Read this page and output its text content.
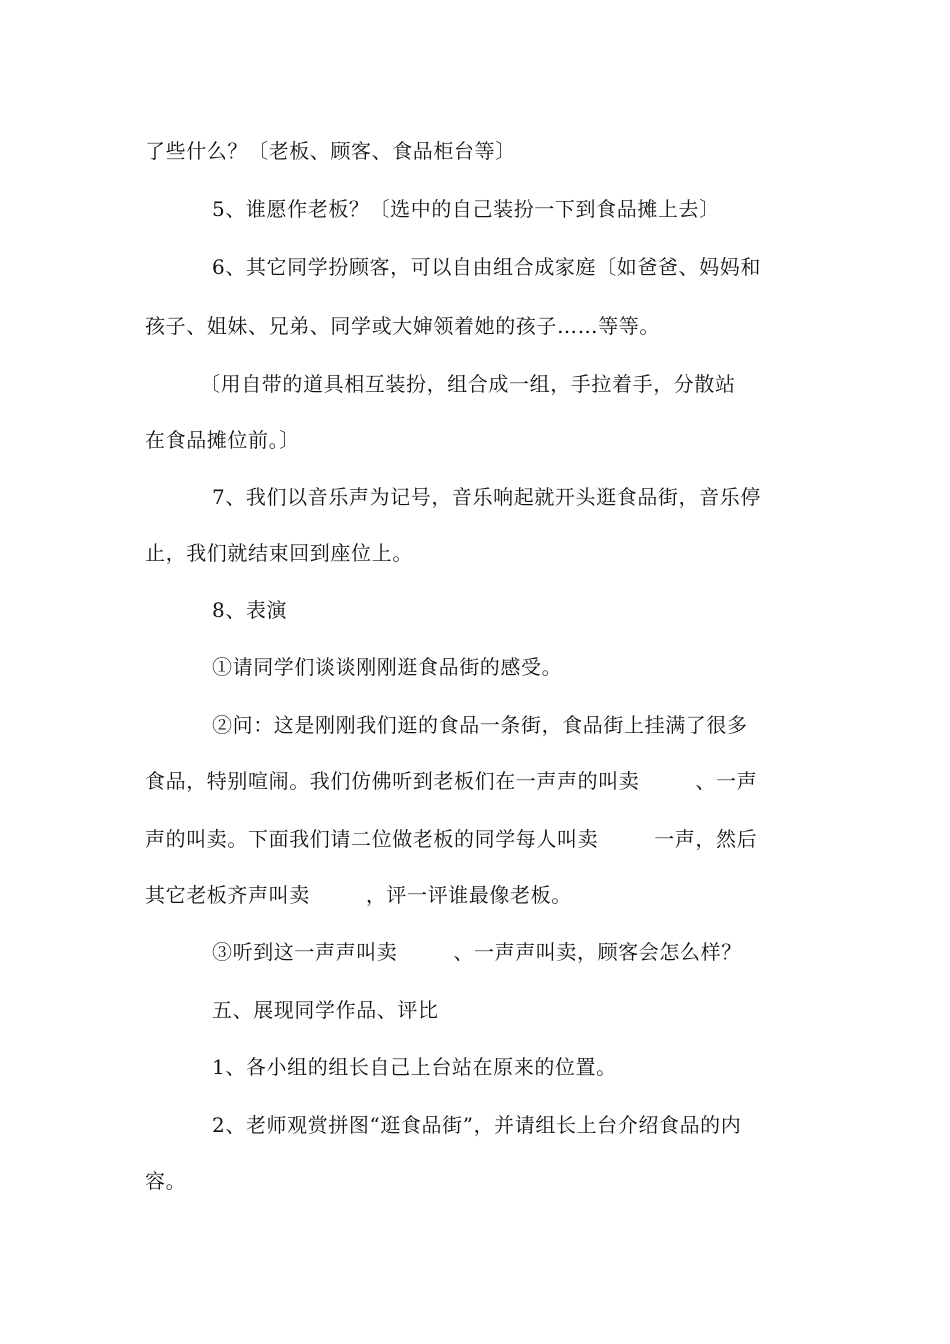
了些什么？〔老板、顾客、食品柜台等〕
5、谁愿作老板？〔选中的自己装扮一下到食品摊上去〕
6、其它同学扮顾客，可以自由组合成家庭〔如爸爸、妈妈和
孩子、姐妹、兄弟、同学或大婶领着她的孩子……等等。
〔用自带的道具相互装扮，组合成一组，手拉着手，分散站
在食品摊位前。〕
7、我们以音乐声为记号，音乐响起就开头逛食品街，音乐停
止，我们就结束回到座位上。
8、表演
①请同学们谈谈刚刚逛食品街的感受。
②问：这是刚刚我们逛的食品一条街，食品街上挂满了很多
食品，特别喧闹。我们仿佛听到老板们在一声声的叫卖	、一声
声的叫卖。下面我们请二位做老板的同学每人叫卖	一声，然后
其它老板齐声叫卖	，评一评谁最像老板。
③听到这一声声叫卖	、一声声叫卖，顾客会怎么样？
五、展现同学作品、评比
1、各小组的组长自己上台站在原来的位置。
2、老师观赏拼图“逛食品街”，并请组长上台介绍食品的内
容。
